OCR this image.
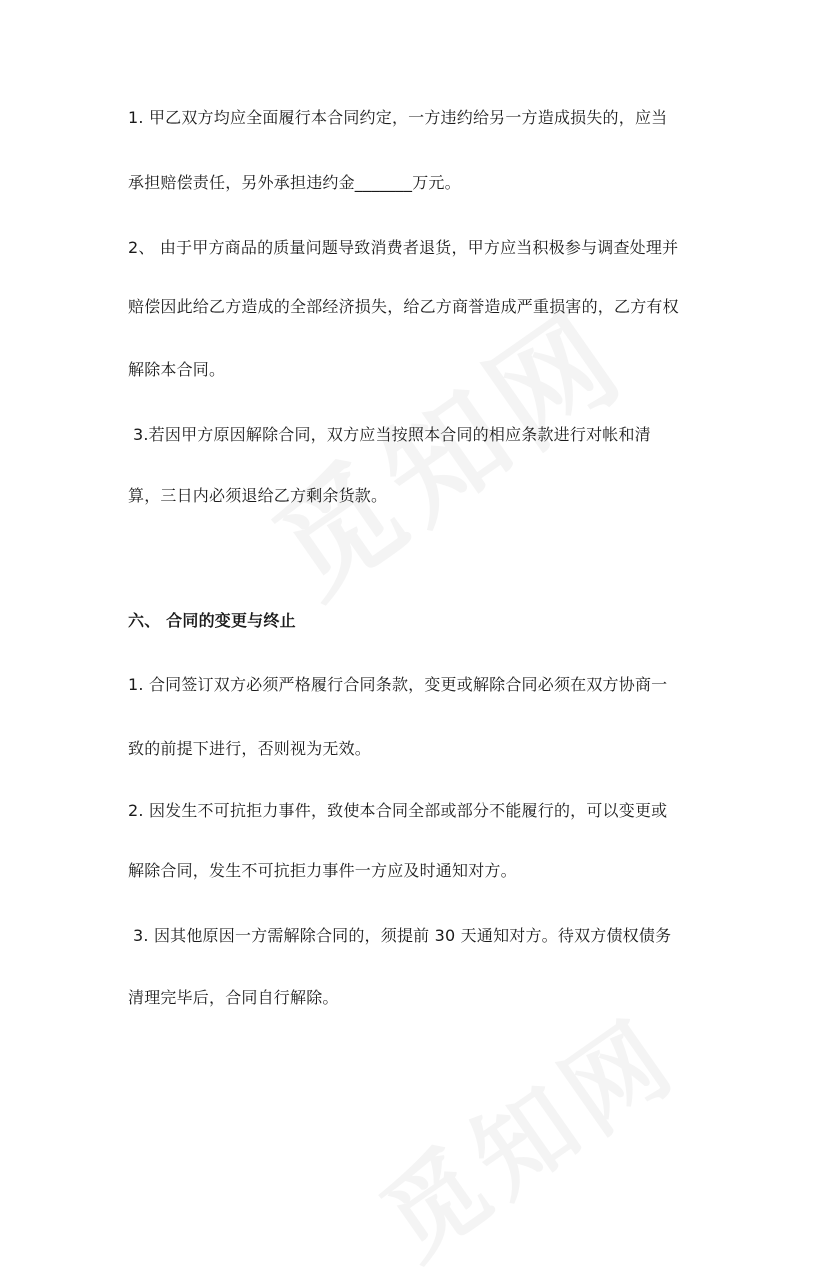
1. 甲乙双方均应全面履行本合同约定，一方违约给另一方造成损失的，应当
承担赔偿责任，另外承担违约金_______万元。
2、 由于甲方商品的质量问题导致消费者退货，甲方应当积极参与调查处理并
赔偿因此给乙方造成的全部经济损失，给乙方商誉造成严重损害的，乙方有权
解除本合同。
3.若因甲方原因解除合同，双方应当按照本合同的相应条款进行对帐和清
算，三日内必须退给乙方剩余货款。
六、 合同的变更与终止
1. 合同签订双方必须严格履行合同条款，变更或解除合同必须在双方协商一
致的前提下进行，否则视为无效。
2. 因发生不可抗拒力事件，致使本合同全部或部分不能履行的，可以变更或
解除合同，发生不可抗拒力事件一方应及时通知对方。
3. 因其他原因一方需解除合同的，须提前 30 天通知对方。待双方债权债务
清理完毕后，合同自行解除。
